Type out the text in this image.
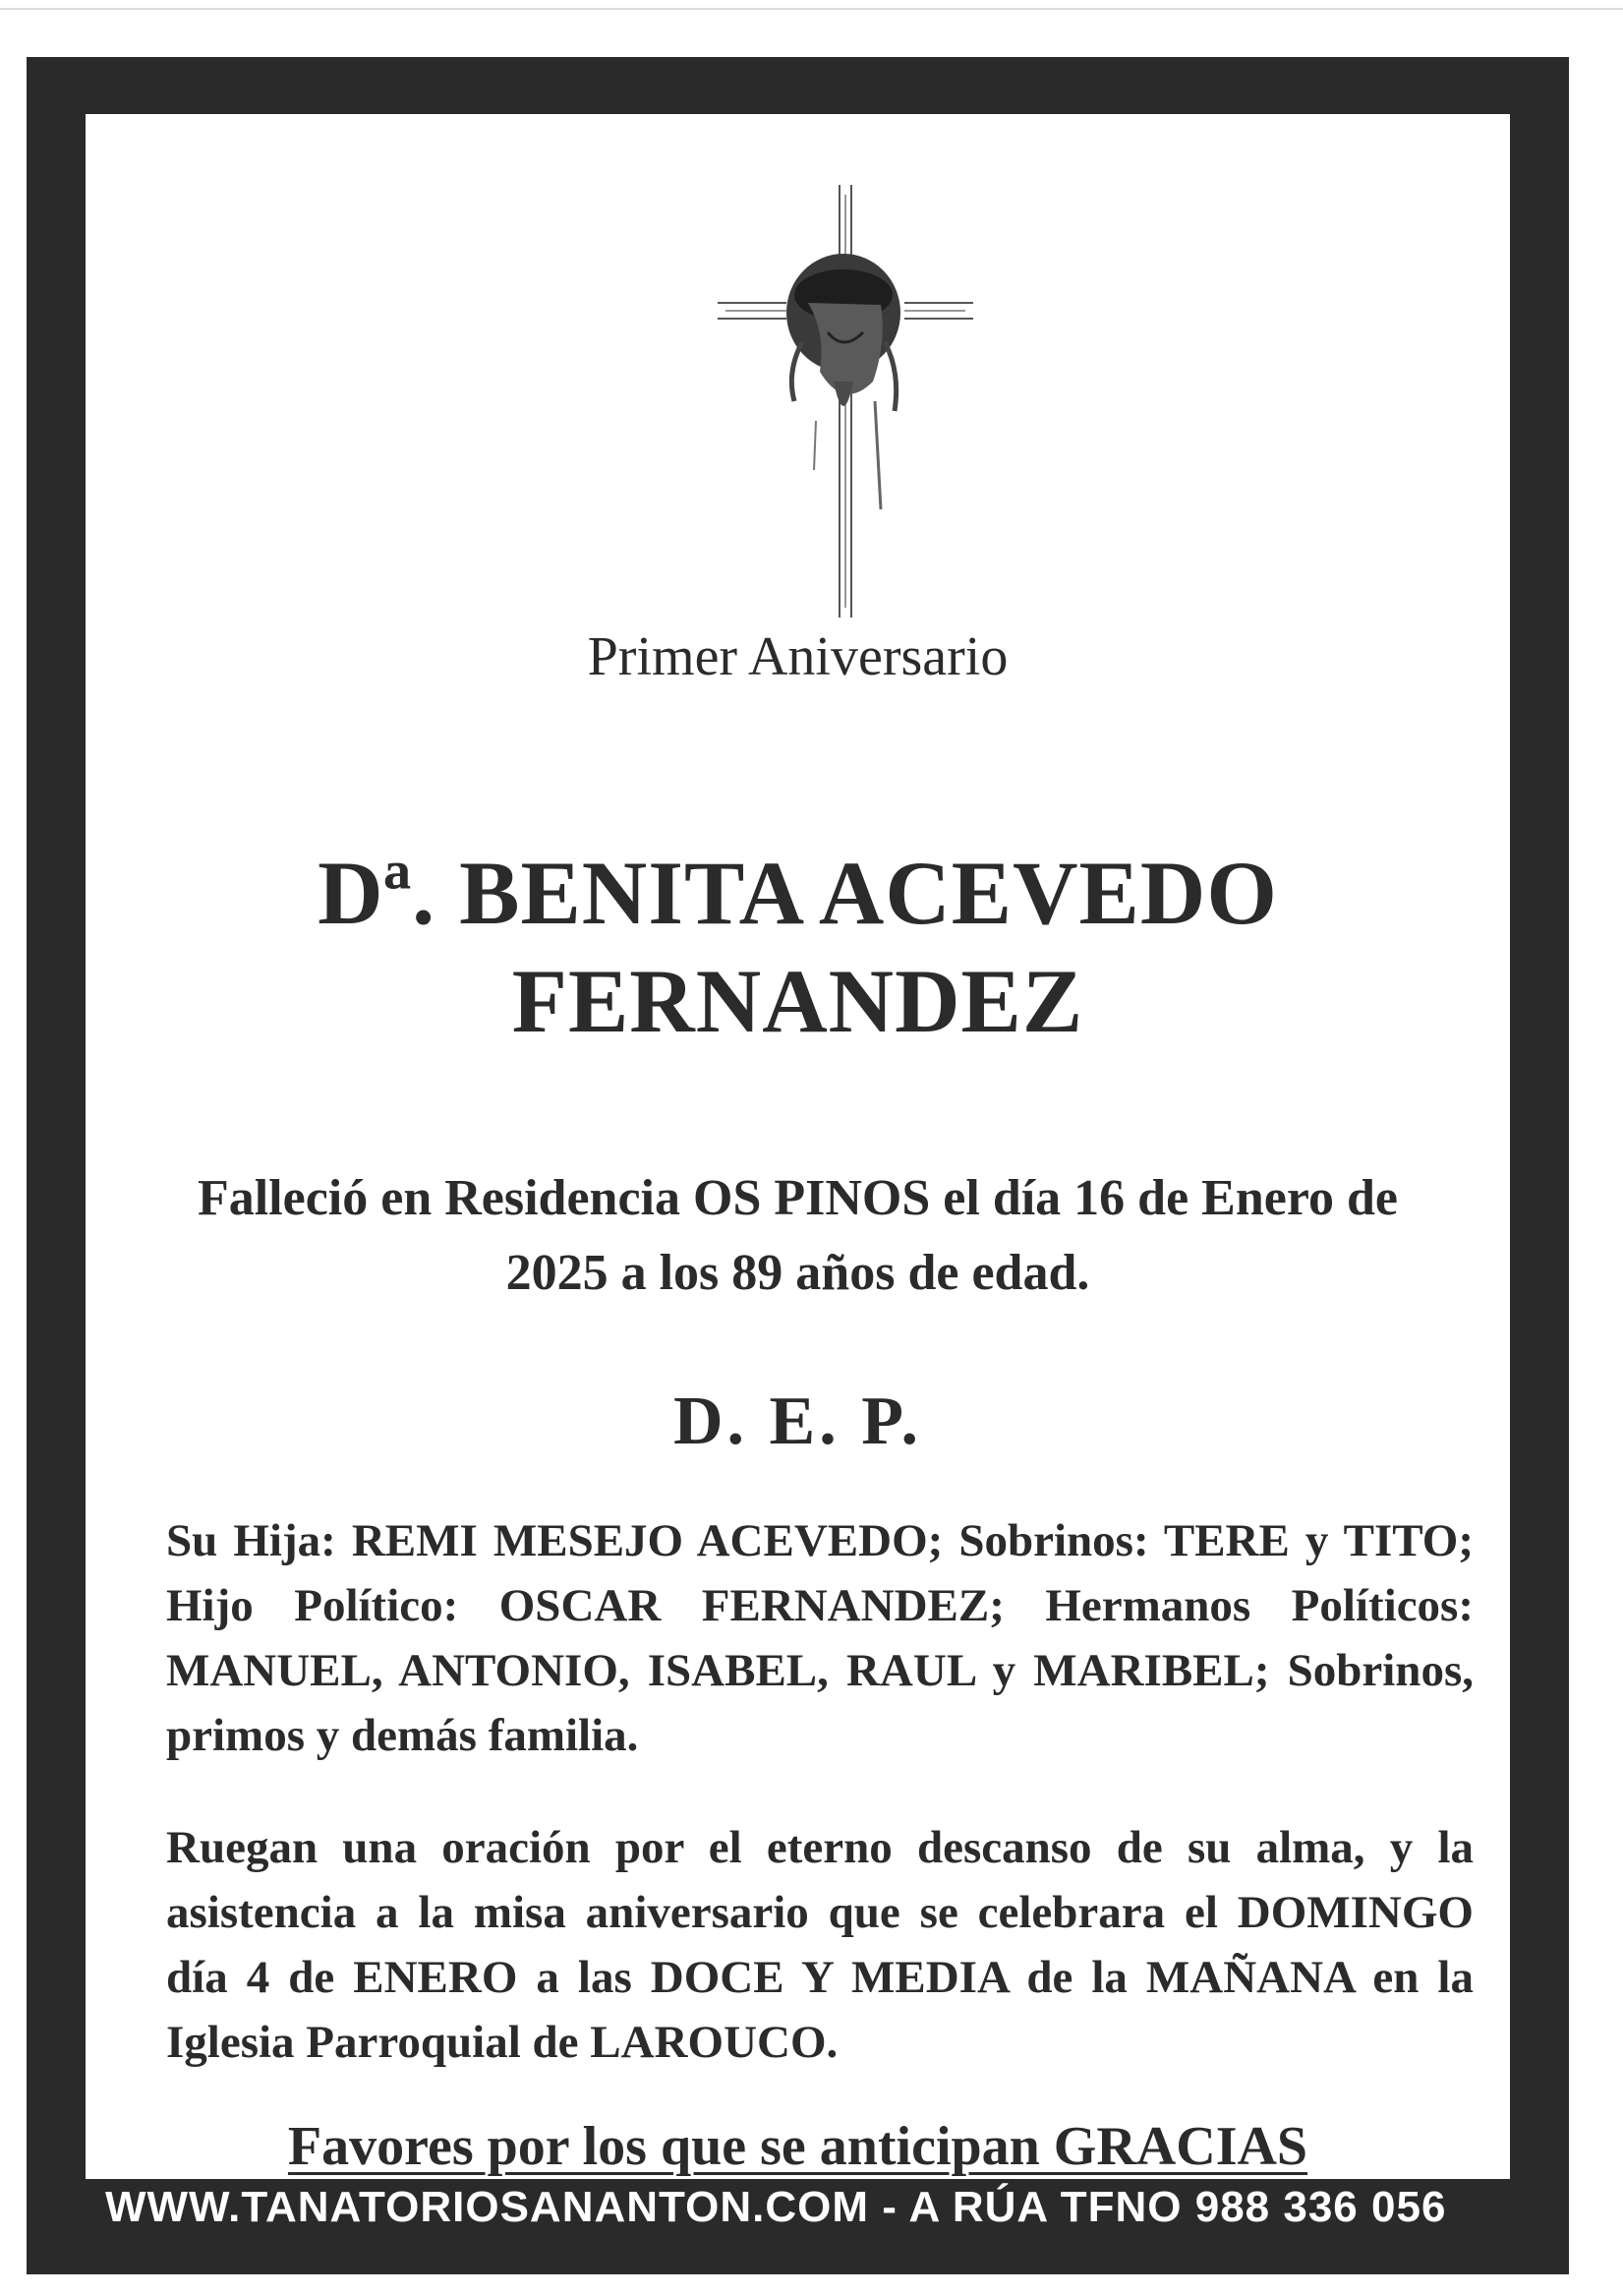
Primer Aniversario
Dª. BENITA ACEVEDO
FERNANDEZ
Falleció en Residencia OS PINOS el día 16 de Enero de 2025 a los 89 años de edad.
D. E. P.
Su Hija: REMI MESEJO ACEVEDO; Sobrinos: TERE y TITO; Hijo Político: OSCAR FERNANDEZ; Hermanos Políticos: MANUEL, ANTONIO, ISABEL, RAUL y MARIBEL; Sobrinos, primos y demás familia.
Ruegan una oración por el eterno descanso de su alma, y la asistencia a la misa aniversario que se celebrara el DOMINGO día 4 de ENERO a las DOCE Y MEDIA de la MAÑANA en la Iglesia Parroquial de LAROUCO.
Favores por los que se anticipan GRACIAS
WWW.TANATORIOSANANTON.COM - A RÚA TFNO 988 336 056
